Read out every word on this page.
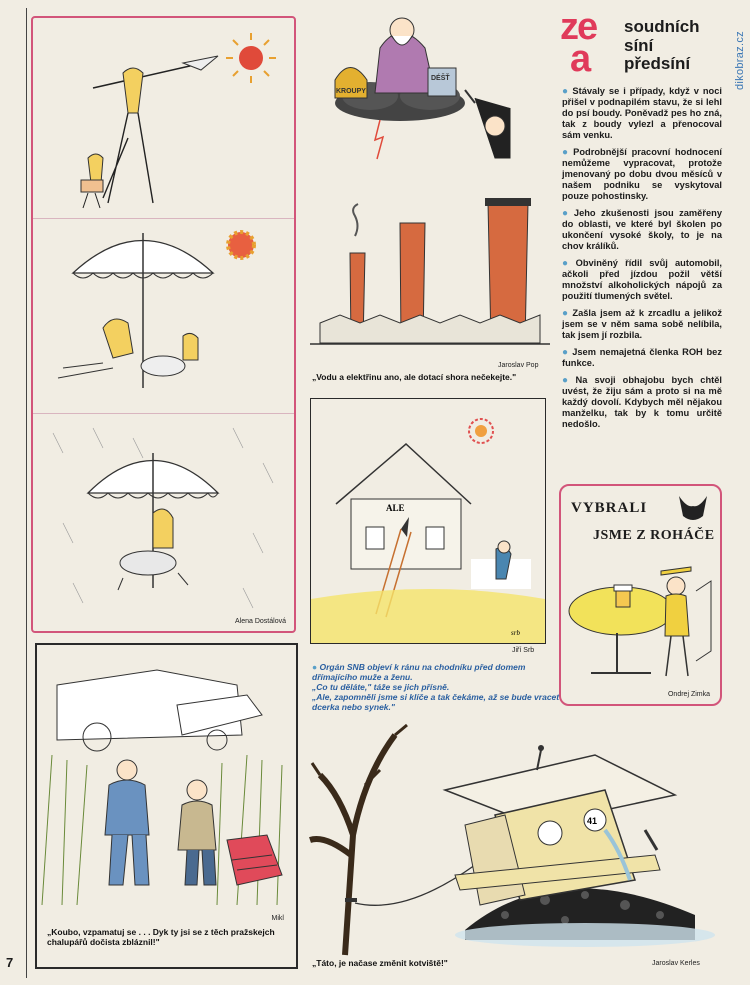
7
dikobraz.cz
Alena Dostálová
KROUPY
DÉŠŤ
Jaroslav Pop
„Vodu a elektřinu ano, ale dotací shora nečekejte."
ze
a
soudních
síní
předsíní

● Stávaly se i případy, když v noci přišel v podnapilém stavu, že si lehl do psí boudy. Poněvadž pes ho zná, tak z boudy vylezl a přenocoval sám venku.

● Podrobnější pracovní hodnocení nemůžeme vypracovat, protože jmenovaný po dobu dvou měsíců v našem podniku se vyskytoval pouze pohostinsky.

● Jeho zkušenosti jsou zaměřeny do oblasti, ve které byl školen po ukončení vysoké školy, to je na chov králíků.

● Obviněný řídil svůj automobil, ačkoli před jízdou požil větší množství alkoholických nápojů za použití tlumených světel.

● Zašla jsem až k zrcadlu a jelikož jsem se v něm sama sobě nelíbila, tak jsem jí rozbila.

● Jsem nemajetná členka ROH bez funkce.

● Na svoji obhajobu bych chtěl uvést, že žiju sám a proto si na mě každý dovolí. Kdybych měl nějakou manželku, tak by k tomu určitě nedošlo.

ALE
srb
Jiří Srb
VYBRALI
JSME Z ROHÁČE
Ondrej Zimka
Mikl
„Koubo, vzpamatuj se . . . Dyk ty jsi se z těch pražskejch chalupářů dočista zbláznil!"
● Orgán SNB objeví k ránu na chodníku před domem dřímajícího muže a ženu.
„Co tu děláte," táže se jich přísně.
„Ale, zapomněli jsme si klíče a tak čekáme, až se bude vracet dcerka nebo synek."
41
„Táto, je načase změnit kotviště!"	Jaroslav Kerles
